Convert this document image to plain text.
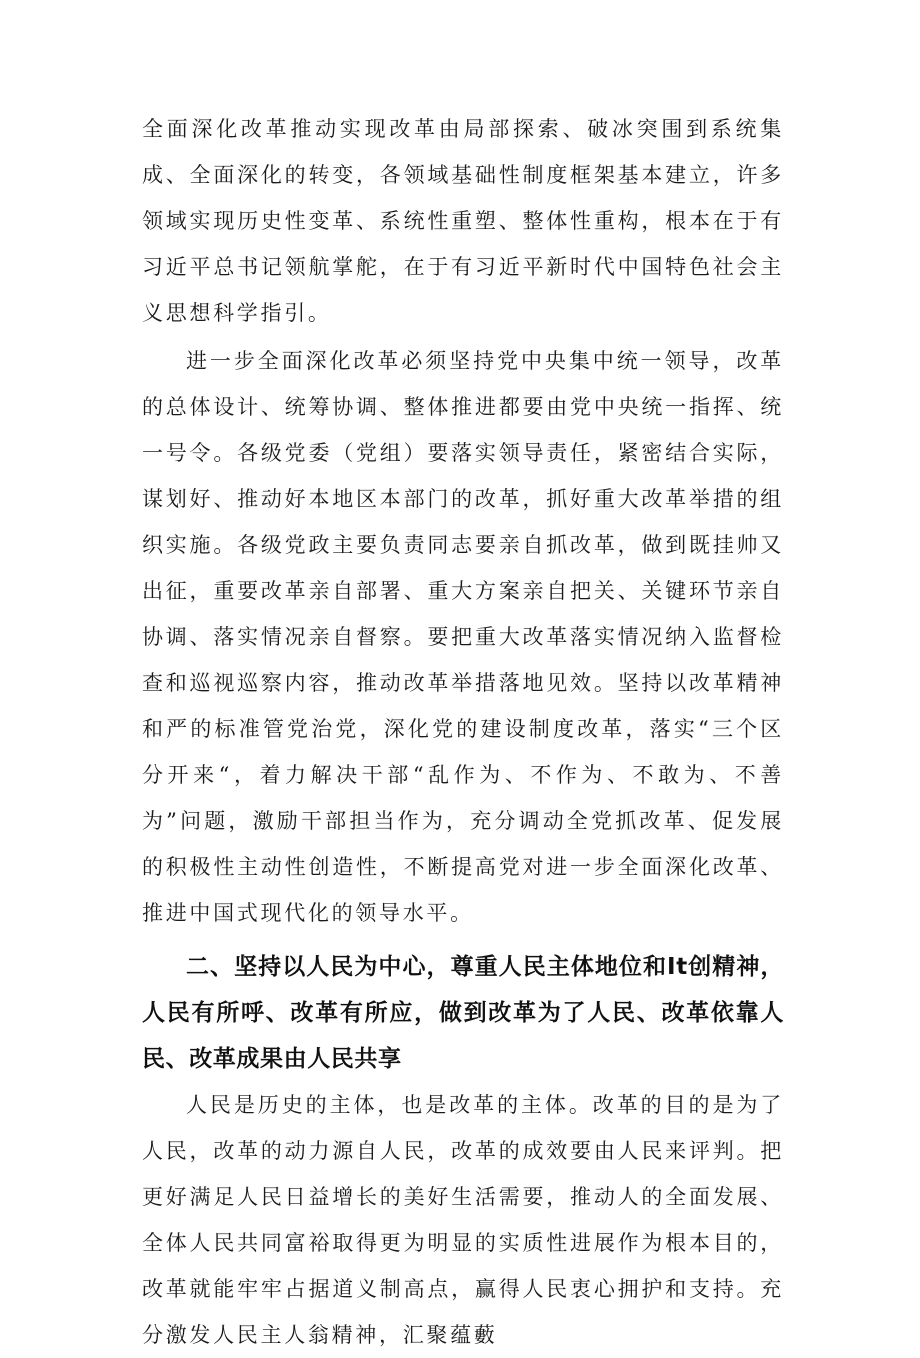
全面深化改革推动实现改革由局部探索、破冰突围到系统集成、全面深化的转变，各领域基础性制度框架基本建立，许多领域实现历史性变革、系统性重塑、整体性重构，根本在于有习近平总书记领航掌舵，在于有习近平新时代中国特色社会主义思想科学指引。

进一步全面深化改革必须坚持党中央集中统一领导，改革的总体设计、统筹协调、整体推进都要由党中央统一指挥、统一号令。各级党委（党组）要落实领导责任，紧密结合实际，谋划好、推动好本地区本部门的改革，抓好重大改革举措的组织实施。各级党政主要负责同志要亲自抓改革，做到既挂帅又出征，重要改革亲自部署、重大方案亲自把关、关键环节亲自协调、落实情况亲自督察。要把重大改革落实情况纳入监督检查和巡视巡察内容，推动改革举措落地见效。坚持以改革精神和严的标准管党治党，深化党的建设制度改革，落实“三个区分开来“，着力解决干部“乱作为、不作为、不敢为、不善为”问题，激励干部担当作为，充分调动全党抓改革、促发展的积极性主动性创造性，不断提高党对进一步全面深化改革、推进中国式现代化的领导水平。

二、坚持以人民为中心，尊重人民主体地位和It创精神，人民有所呼、改革有所应，做到改革为了人民、改革依靠人民、改革成果由人民共享

人民是历史的主体，也是改革的主体。改革的目的是为了人民，改革的动力源自人民，改革的成效要由人民来评判。把更好满足人民日益增长的美好生活需要，推动人的全面发展、全体人民共同富裕取得更为明显的实质性进展作为根本目的，改革就能牢牢占据道义制高点，赢得人民衷心拥护和支持。充分激发人民主人翁精神，汇聚蕴藪
